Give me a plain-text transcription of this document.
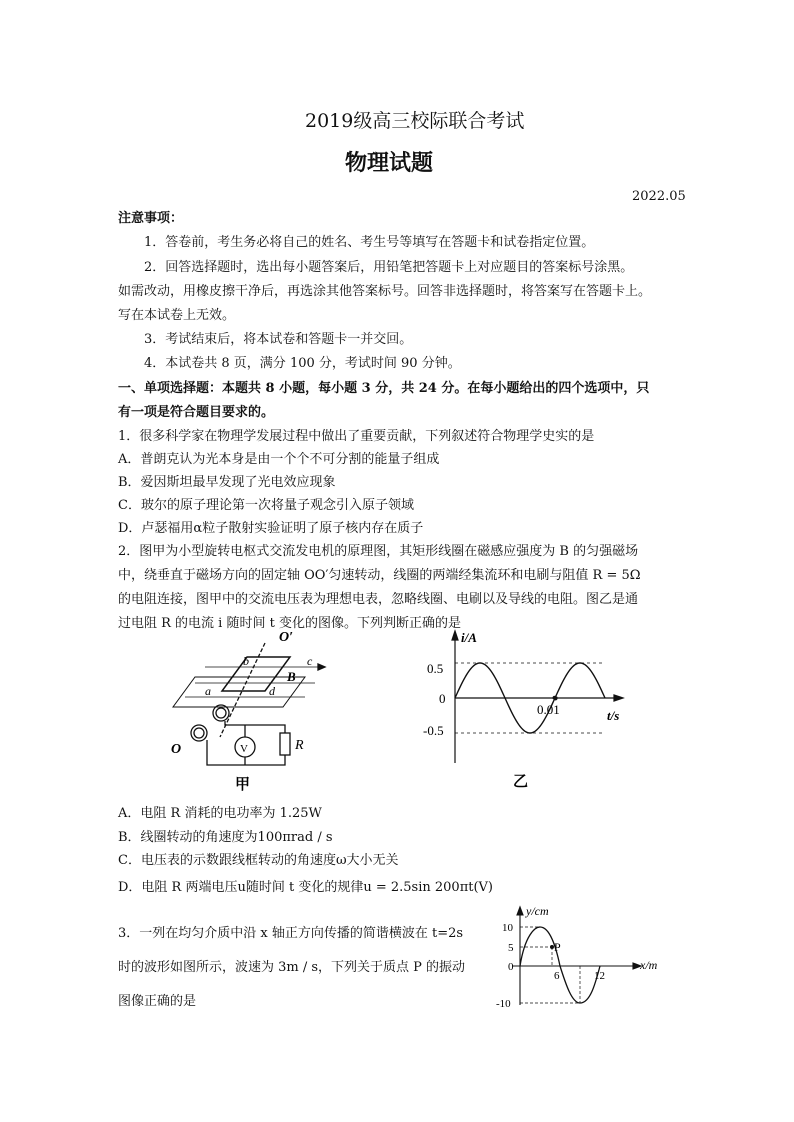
2019级高三校际联合考试
物理试题
2022.05
注意事项：
1．答卷前，考生务必将自己的姓名、考生号等填写在答题卡和试卷指定位置。
2．回答选择题时，选出每小题答案后，用铅笔把答题卡上对应题目的答案标号涂黑。
如需改动，用橡皮擦干净后，再选涂其他答案标号。回答非选择题时，将答案写在答题卡上。
写在本试卷上无效。
3．考试结束后，将本试卷和答题卡一并交回。
4．本试卷共 8 页，满分 100 分，考试时间 90 分钟。
一、单项选择题：本题共 8 小题，每小题 3 分，共 24 分。在每小题给出的四个选项中，只
有一项是符合题目要求的。
1．很多科学家在物理学发展过程中做出了重要贡献，下列叙述符合物理学史实的是
A．普朗克认为光本身是由一个个不可分割的能量子组成
B．爱因斯坦最早发现了光电效应现象
C．玻尔的原子理论第一次将量子观念引入原子领域
D．卢瑟福用α粒子散射实验证明了原子核内存在质子
2．图甲为小型旋转电枢式交流发电机的原理图，其矩形线圈在磁感应强度为 B 的匀强磁场
中，绕垂直于磁场方向的固定轴 OO′匀速转动，线圈的两端经集流环和电刷与阻值 R = 5Ω
的电阻连接，图甲中的交流电压表为理想电表，忽略线圈、电刷以及导线的电阻。图乙是通
过电阻 R 的电流 i 随时间 t 变化的图像。下列判断正确的是
O′
b	c
B
a	d
O	V	R
甲
i/A
t/s
0.5
0
-0.5
0.01
乙
A．电阻 R 消耗的电功率为 1.25W
B．线圈转动的角速度为100πrad / s
C．电压表的示数跟线框转动的角速度ω大小无关
D．电阻 R 两端电压u随时间 t 变化的规律u = 2.5sin 200πt(V)
3．一列在均匀介质中沿 x 轴正方向传播的简谐横波在 t=2s
时的波形如图所示，波速为 3m / s，下列关于质点 P 的振动
图像正确的是
y/cm
x/m
P
10
5
0
-10
6	12
